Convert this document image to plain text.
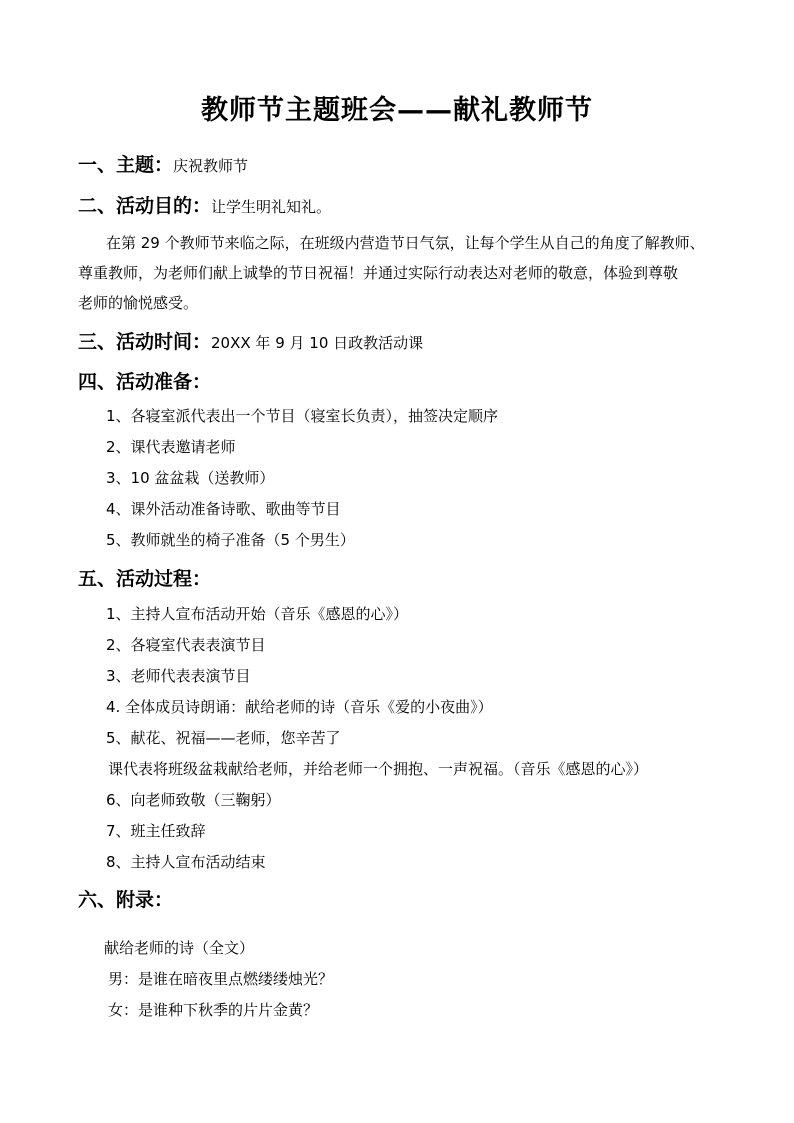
教师节主题班会——献礼教师节
一、主题：庆祝教师节
二、活动目的：让学生明礼知礼。
在第 29 个教师节来临之际，在班级内营造节日气氛，让每个学生从自己的角度了解教师、
尊重教师，为老师们献上诚挚的节日祝福！并通过实际行动表达对老师的敬意，体验到尊敬
老师的愉悦感受。
三、活动时间：20XX 年 9 月 10 日政教活动课
四、活动准备：
1、各寝室派代表出一个节目（寝室长负责），抽签决定顺序
2、课代表邀请老师
3、10 盆盆栽（送教师）
4、课外活动准备诗歌、歌曲等节目
5、教师就坐的椅子准备（5 个男生）
五、活动过程：
1、主持人宣布活动开始（音乐《感恩的心》）
2、各寝室代表表演节目
3、老师代表表演节目
4. 全体成员诗朗诵：献给老师的诗（音乐《爱的小夜曲》）
5、献花、祝福——老师，您辛苦了
课代表将班级盆栽献给老师，并给老师一个拥抱、一声祝福。（音乐《感恩的心》）
6、向老师致敬（三鞠躬）
7、班主任致辞
8、主持人宣布活动结束
六、附录：
献给老师的诗（全文）
男：是谁在暗夜里点燃缕缕烛光？
女：是谁种下秋季的片片金黄？
